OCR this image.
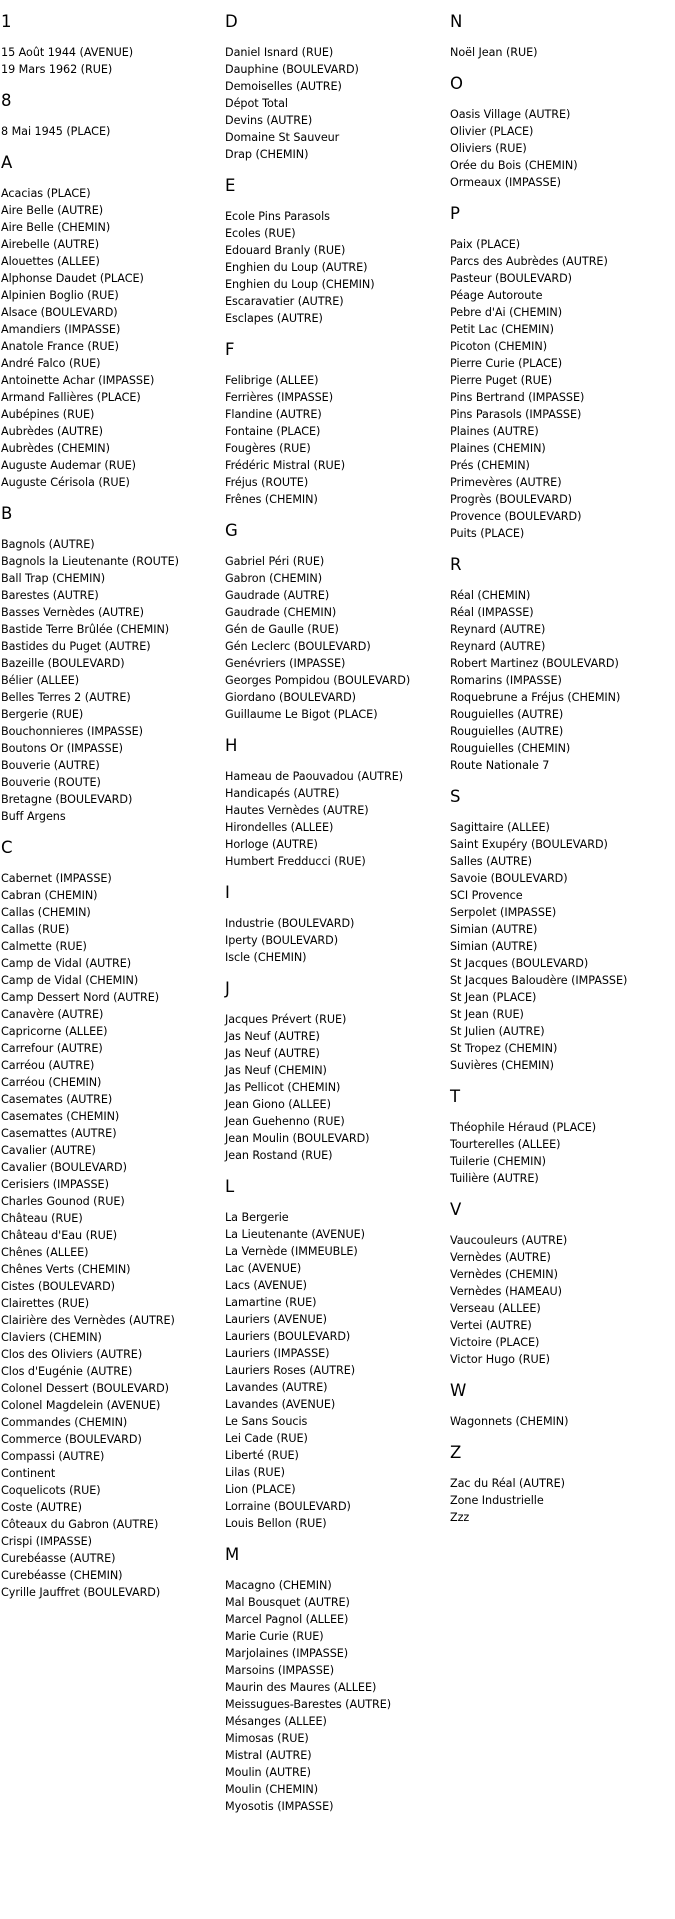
1
15 Août 1944 (AVENUE)
19 Mars 1962 (RUE)
8
8 Mai 1945 (PLACE)
A
Acacias (PLACE)
Aire Belle (AUTRE)
Aire Belle (CHEMIN)
Airebelle (AUTRE)
Alouettes (ALLEE)
Alphonse Daudet (PLACE)
Alpinien Boglio (RUE)
Alsace (BOULEVARD)
Amandiers (IMPASSE)
Anatole France (RUE)
André Falco (RUE)
Antoinette Achar (IMPASSE)
Armand Fallières (PLACE)
Aubépines (RUE)
Aubrèdes (AUTRE)
Aubrèdes (CHEMIN)
Auguste Audemar (RUE)
Auguste Cérisola (RUE)
B
Bagnols (AUTRE)
Bagnols la Lieutenante (ROUTE)
Ball Trap (CHEMIN)
Barestes (AUTRE)
Basses Vernèdes (AUTRE)
Bastide Terre Brûlée (CHEMIN)
Bastides du Puget (AUTRE)
Bazeille (BOULEVARD)
Bélier (ALLEE)
Belles Terres 2 (AUTRE)
Bergerie (RUE)
Bouchonnieres (IMPASSE)
Boutons Or (IMPASSE)
Bouverie (AUTRE)
Bouverie (ROUTE)
Bretagne (BOULEVARD)
Buff Argens
C
Cabernet (IMPASSE)
Cabran (CHEMIN)
Callas (CHEMIN)
Callas (RUE)
Calmette (RUE)
Camp de Vidal (AUTRE)
Camp de Vidal (CHEMIN)
Camp Dessert Nord (AUTRE)
Canavère (AUTRE)
Capricorne (ALLEE)
Carrefour (AUTRE)
Carréou (AUTRE)
Carréou (CHEMIN)
Casemates (AUTRE)
Casemates (CHEMIN)
Casemattes (AUTRE)
Cavalier (AUTRE)
Cavalier (BOULEVARD)
Cerisiers (IMPASSE)
Charles Gounod (RUE)
Château (RUE)
Château d'Eau (RUE)
Chênes (ALLEE)
Chênes Verts (CHEMIN)
Cistes (BOULEVARD)
Clairettes (RUE)
Clairière des Vernèdes (AUTRE)
Claviers (CHEMIN)
Clos des Oliviers (AUTRE)
Clos d'Eugénie (AUTRE)
Colonel Dessert (BOULEVARD)
Colonel Magdelein (AVENUE)
Commandes (CHEMIN)
Commerce (BOULEVARD)
Compassi (AUTRE)
Continent
Coquelicots (RUE)
Coste (AUTRE)
Côteaux du Gabron (AUTRE)
Crispi (IMPASSE)
Curebéasse (AUTRE)
Curebéasse (CHEMIN)
Cyrille Jauffret (BOULEVARD)
D
Daniel Isnard (RUE)
Dauphine (BOULEVARD)
Demoiselles (AUTRE)
Dépot Total
Devins (AUTRE)
Domaine St Sauveur
Drap (CHEMIN)
E
Ecole Pins Parasols
Ecoles (RUE)
Edouard Branly (RUE)
Enghien du Loup (AUTRE)
Enghien du Loup (CHEMIN)
Escaravatier (AUTRE)
Esclapes (AUTRE)
F
Felibrige (ALLEE)
Ferrières (IMPASSE)
Flandine (AUTRE)
Fontaine (PLACE)
Fougères (RUE)
Frédéric Mistral (RUE)
Fréjus (ROUTE)
Frênes (CHEMIN)
G
Gabriel Péri (RUE)
Gabron (CHEMIN)
Gaudrade (AUTRE)
Gaudrade (CHEMIN)
Gén de Gaulle (RUE)
Gén Leclerc (BOULEVARD)
Genévriers (IMPASSE)
Georges Pompidou (BOULEVARD)
Giordano (BOULEVARD)
Guillaume Le Bigot (PLACE)
H
Hameau de Paouvadou (AUTRE)
Handicapés (AUTRE)
Hautes Vernèdes (AUTRE)
Hirondelles (ALLEE)
Horloge (AUTRE)
Humbert Fredducci (RUE)
I
Industrie (BOULEVARD)
Iperty (BOULEVARD)
Iscle (CHEMIN)
J
Jacques Prévert (RUE)
Jas Neuf (AUTRE)
Jas Neuf (AUTRE)
Jas Neuf (CHEMIN)
Jas Pellicot (CHEMIN)
Jean Giono (ALLEE)
Jean Guehenno (RUE)
Jean Moulin (BOULEVARD)
Jean Rostand (RUE)
L
La Bergerie
La Lieutenante (AVENUE)
La Vernède (IMMEUBLE)
Lac (AVENUE)
Lacs (AVENUE)
Lamartine (RUE)
Lauriers (AVENUE)
Lauriers (BOULEVARD)
Lauriers (IMPASSE)
Lauriers Roses (AUTRE)
Lavandes (AUTRE)
Lavandes (AVENUE)
Le Sans Soucis
Lei Cade (RUE)
Liberté (RUE)
Lilas (RUE)
Lion (PLACE)
Lorraine (BOULEVARD)
Louis Bellon (RUE)
M
Macagno (CHEMIN)
Mal Bousquet (AUTRE)
Marcel Pagnol (ALLEE)
Marie Curie (RUE)
Marjolaines (IMPASSE)
Marsoins (IMPASSE)
Maurin des Maures (ALLEE)
Meissugues-Barestes (AUTRE)
Mésanges (ALLEE)
Mimosas (RUE)
Mistral (AUTRE)
Moulin (AUTRE)
Moulin (CHEMIN)
Myosotis (IMPASSE)
N
Noël Jean (RUE)
O
Oasis Village (AUTRE)
Olivier (PLACE)
Oliviers (RUE)
Orée du Bois (CHEMIN)
Ormeaux (IMPASSE)
P
Paix (PLACE)
Parcs des Aubrèdes (AUTRE)
Pasteur (BOULEVARD)
Péage Autoroute
Pebre d'Ai (CHEMIN)
Petit Lac (CHEMIN)
Picoton (CHEMIN)
Pierre Curie (PLACE)
Pierre Puget (RUE)
Pins Bertrand (IMPASSE)
Pins Parasols (IMPASSE)
Plaines (AUTRE)
Plaines (CHEMIN)
Prés (CHEMIN)
Primevères (AUTRE)
Progrès (BOULEVARD)
Provence (BOULEVARD)
Puits (PLACE)
R
Réal (CHEMIN)
Réal (IMPASSE)
Reynard (AUTRE)
Reynard (AUTRE)
Robert Martinez (BOULEVARD)
Romarins (IMPASSE)
Roquebrune a Fréjus (CHEMIN)
Rouguielles (AUTRE)
Rouguielles (AUTRE)
Rouguielles (CHEMIN)
Route Nationale 7
S
Sagittaire (ALLEE)
Saint Exupéry (BOULEVARD)
Salles (AUTRE)
Savoie (BOULEVARD)
SCI Provence
Serpolet (IMPASSE)
Simian (AUTRE)
Simian (AUTRE)
St Jacques (BOULEVARD)
St Jacques Baloudère (IMPASSE)
St Jean (PLACE)
St Jean (RUE)
St Julien (AUTRE)
St Tropez (CHEMIN)
Suvières (CHEMIN)
T
Théophile Héraud (PLACE)
Tourterelles (ALLEE)
Tuilerie (CHEMIN)
Tuilière (AUTRE)
V
Vaucouleurs (AUTRE)
Vernèdes (AUTRE)
Vernèdes (CHEMIN)
Vernèdes (HAMEAU)
Verseau (ALLEE)
Vertei (AUTRE)
Victoire (PLACE)
Victor Hugo (RUE)
W
Wagonnets (CHEMIN)
Z
Zac du Réal (AUTRE)
Zone Industrielle
Zzz
